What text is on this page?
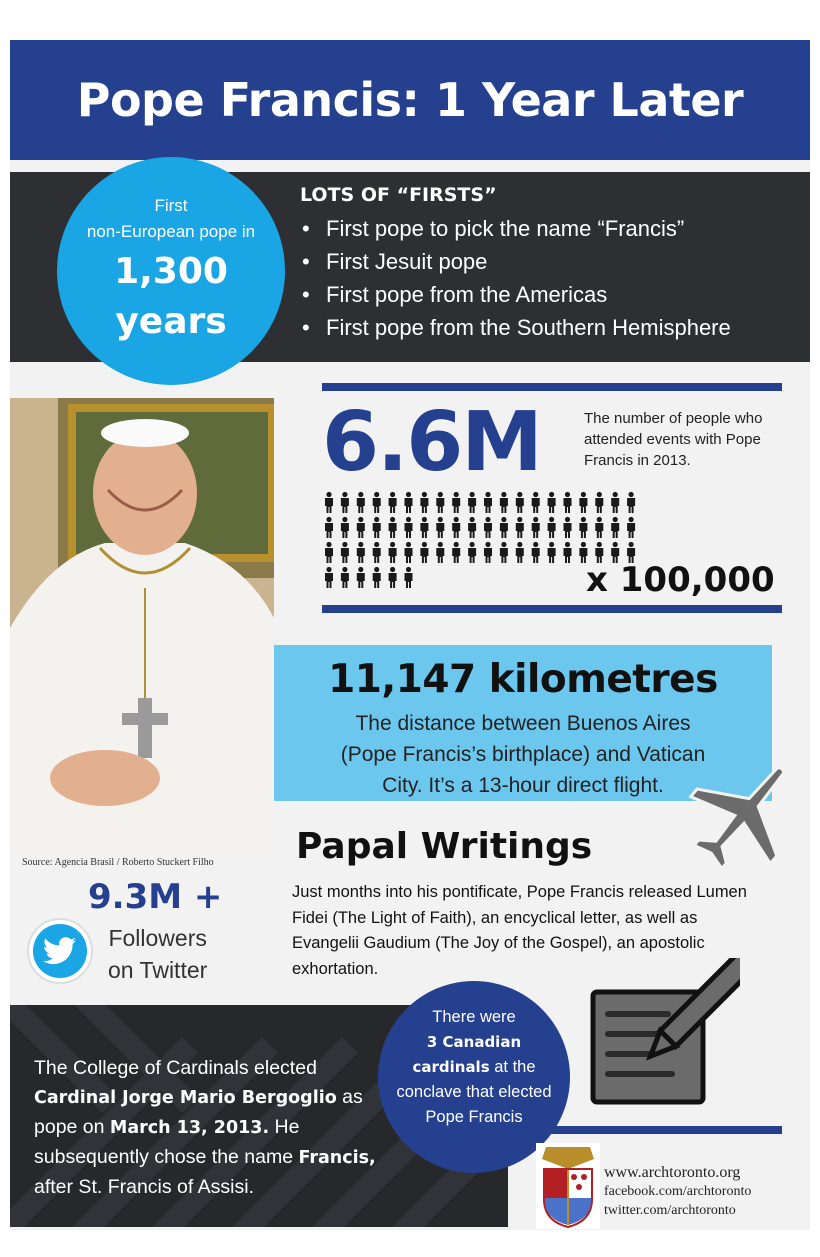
Pope Francis: 1 Year Later
First
non-European pope in
1,300
years
LOTS OF “FIRSTS”
• First pope to pick the name “Francis”
• First Jesuit pope
• First pope from the Americas
• First pope from the Southern Hemisphere
Source: Agencia Brasil / Roberto Stuckert Filho
6.6M	The number of people who attended events with Pope Francis in 2013.
x 100,000
11,147 kilometres
The distance between Buenos Aires
(Pope Francis’s birthplace) and Vatican
City. It’s a 13-hour direct flight.
Papal Writings
Just months into his pontificate, Pope Francis released Lumen Fidei (The Light of Faith), an encyclical letter, as well as Evangelii Gaudium (The Joy of the Gospel), an apostolic exhortation.
9.3M +
Followers
on Twitter
The College of Cardinals elected Cardinal Jorge Mario Bergoglio as pope on March 13, 2013. He subsequently chose the name Francis, after St. Francis of Assisi.
There were
3 Canadian cardinals at the conclave that elected Pope Francis
www.archtoronto.org
facebook.com/archtoronto
twitter.com/archtoronto
